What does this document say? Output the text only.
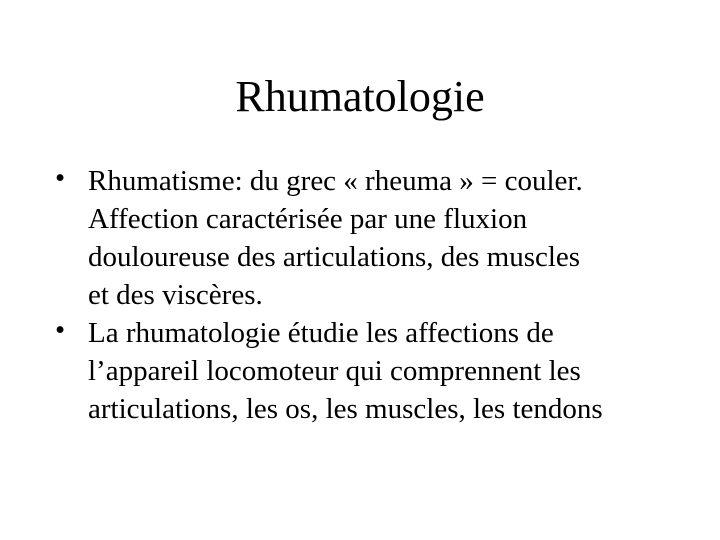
Rhumatologie
• Rhumatisme: du grec « rheuma » = couler.
Affection caractérisée par une fluxion
douloureuse des articulations, des muscles
et des viscères.
• La rhumatologie étudie les affections de
l’appareil locomoteur qui comprennent les
articulations, les os, les muscles, les tendons
